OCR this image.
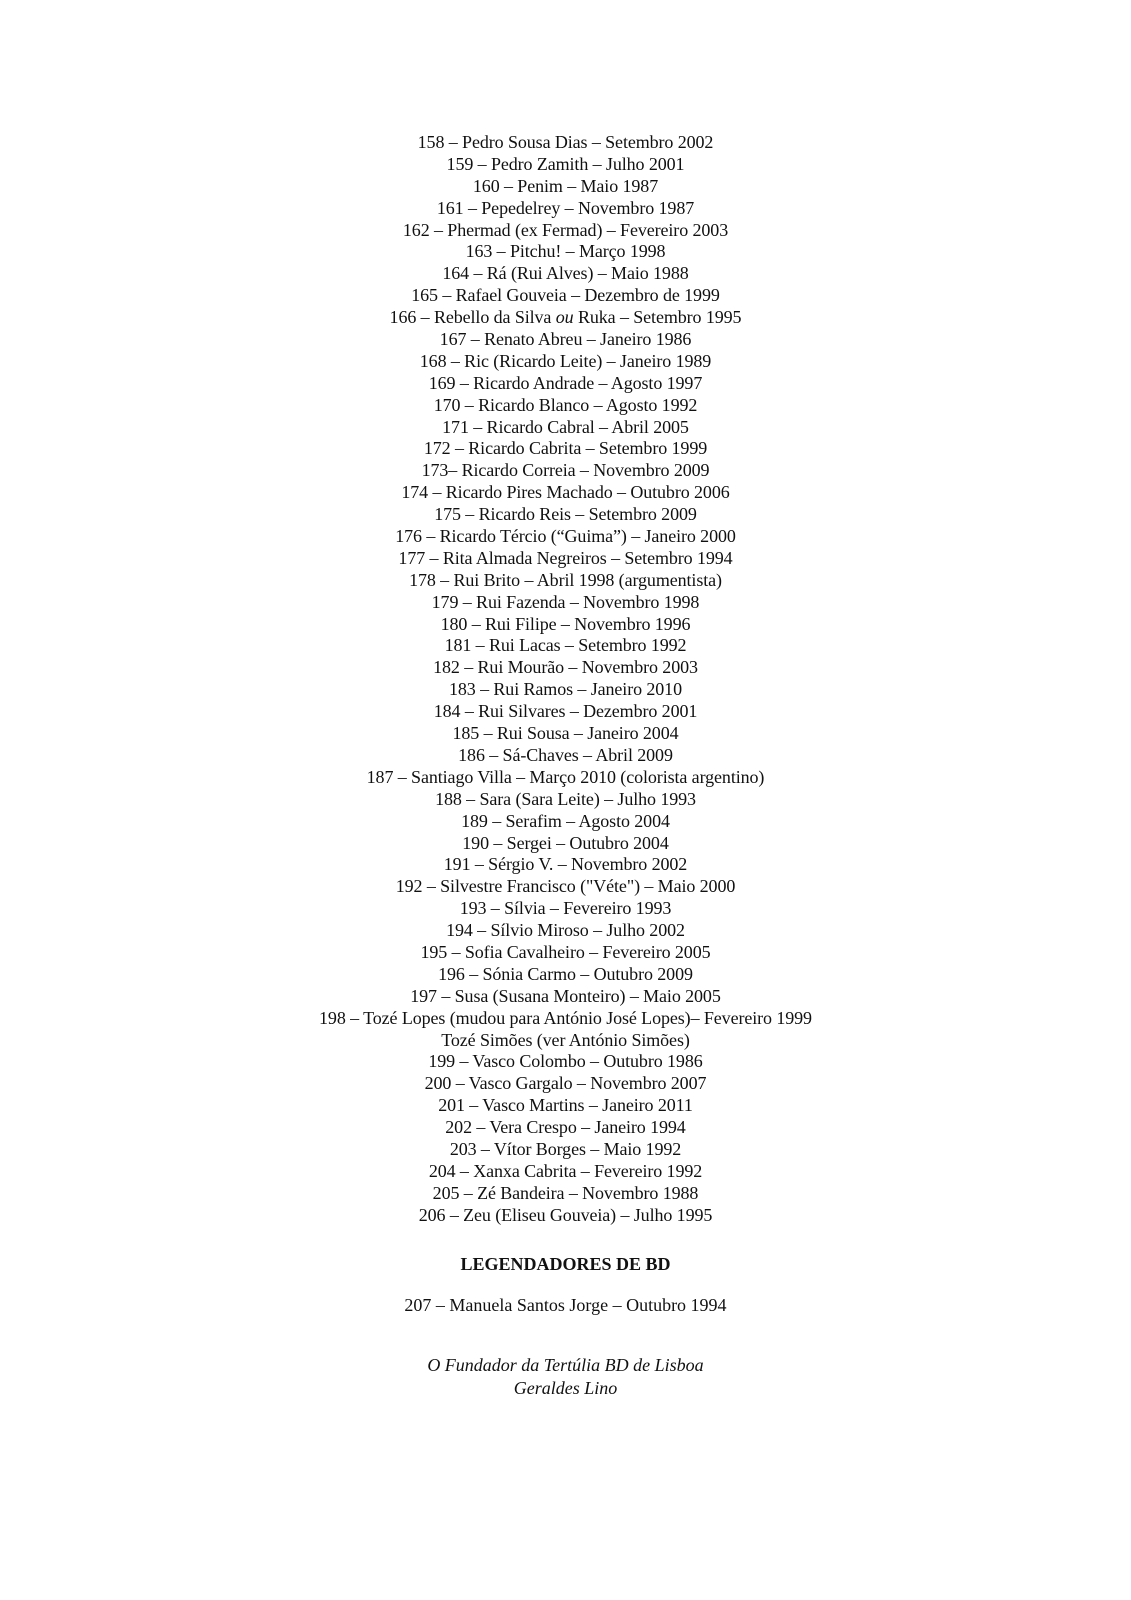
158 – Pedro Sousa Dias – Setembro 2002
159 – Pedro Zamith – Julho 2001
160 – Penim – Maio 1987
161 – Pepedelrey – Novembro 1987
162 – Phermad (ex Fermad) – Fevereiro 2003
163 – Pitchu! – Março 1998
164 – Rá (Rui Alves) – Maio 1988
165 – Rafael Gouveia – Dezembro de 1999
166 – Rebello da Silva ou Ruka – Setembro 1995
167 – Renato Abreu – Janeiro 1986
168 – Ric (Ricardo Leite) – Janeiro 1989
169 – Ricardo Andrade – Agosto 1997
170 – Ricardo Blanco – Agosto 1992
171 – Ricardo Cabral – Abril 2005
172 – Ricardo Cabrita – Setembro 1999
173– Ricardo Correia – Novembro 2009
174 – Ricardo Pires Machado – Outubro 2006
175 – Ricardo Reis – Setembro 2009
176 – Ricardo Tércio (“Guima”) – Janeiro 2000
177 – Rita Almada Negreiros – Setembro 1994
178 – Rui Brito – Abril 1998 (argumentista)
179 – Rui Fazenda – Novembro 1998
180 – Rui Filipe – Novembro 1996
181 – Rui Lacas – Setembro 1992
182 – Rui Mourão – Novembro 2003
183 – Rui Ramos – Janeiro 2010
184 – Rui Silvares – Dezembro 2001
185 – Rui Sousa – Janeiro 2004
186 – Sá-Chaves – Abril 2009
187 – Santiago Villa – Março 2010 (colorista argentino)
188 – Sara (Sara Leite) – Julho 1993
189 – Serafim – Agosto 2004
190 – Sergei – Outubro 2004
191 – Sérgio V. – Novembro 2002
192 – Silvestre Francisco ("Véte") – Maio 2000
193 – Sílvia – Fevereiro 1993
194 – Sílvio Miroso – Julho 2002
195 – Sofia Cavalheiro – Fevereiro 2005
196 – Sónia Carmo – Outubro 2009
197 – Susa (Susana Monteiro) – Maio 2005
198 – Tozé Lopes (mudou para António José Lopes)– Fevereiro 1999
Tozé Simões (ver António Simões)
199 – Vasco Colombo – Outubro 1986
200 – Vasco Gargalo – Novembro 2007
201 – Vasco Martins – Janeiro 2011
202 – Vera Crespo – Janeiro 1994
203 – Vítor Borges – Maio 1992
204 – Xanxa Cabrita – Fevereiro 1992
205 – Zé Bandeira – Novembro 1988
206 – Zeu (Eliseu Gouveia) – Julho 1995
LEGENDADORES DE BD
207 – Manuela Santos Jorge – Outubro 1994
O Fundador da Tertúlia BD de Lisboa
Geraldes Lino
